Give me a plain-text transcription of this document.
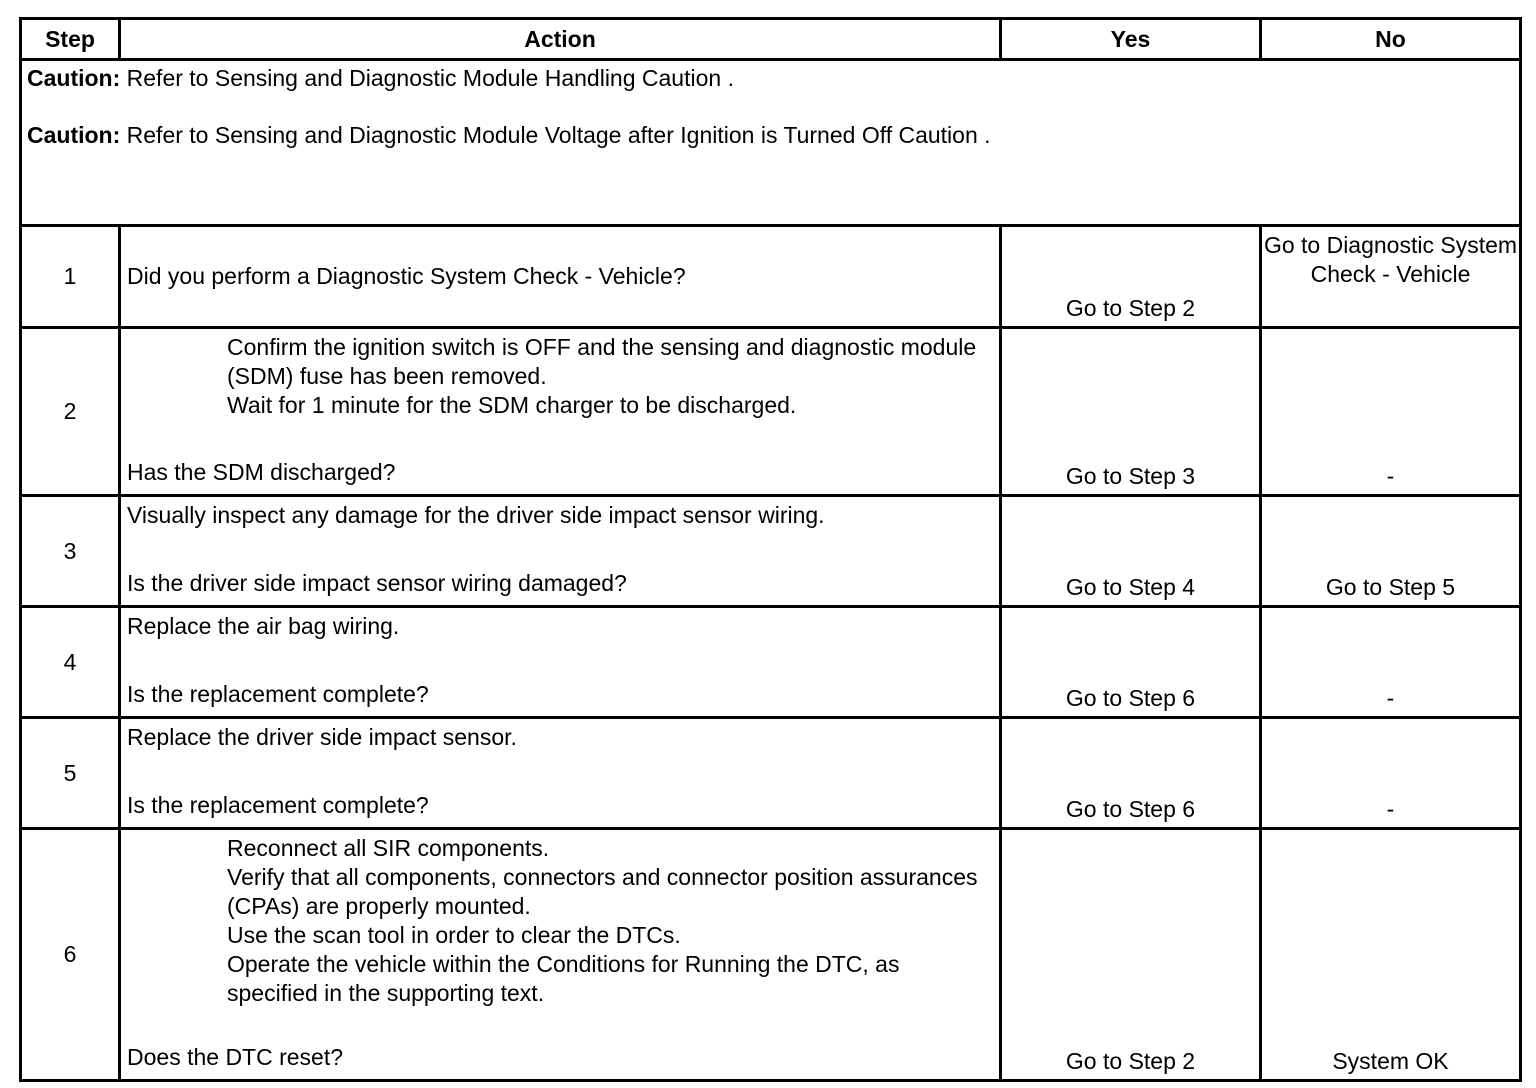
Step	Action	Yes	No

Caution: Refer to Sensing and Diagnostic Module Handling Caution .
Caution: Refer to Sensing and Diagnostic Module Voltage after Ignition is Turned Off Caution .			

1	Did you perform a Diagnostic System Check - Vehicle?	Go to Step 2	Go to Diagnostic System Check - Vehicle
2	Confirm the ignition switch is OFF and the sensing and diagnostic module (SDM) fuse has been removed.
Wait for 1 minute for the SDM charger to be discharged.
Has the SDM discharged?	Go to Step 3	-
3	Visually inspect any damage for the driver side impact sensor wiring.
Is the driver side impact sensor wiring damaged?	Go to Step 4	Go to Step 5
4	Replace the air bag wiring.
Is the replacement complete?	Go to Step 6	-
5	Replace the driver side impact sensor.
Is the replacement complete?	Go to Step 6	-
6	Reconnect all SIR components.
Verify that all components, connectors and connector position assurances (CPAs) are properly mounted.
Use the scan tool in order to clear the DTCs.
Operate the vehicle within the Conditions for Running the DTC, as specified in the supporting text.
Does the DTC reset?	Go to Step 2	System OK
